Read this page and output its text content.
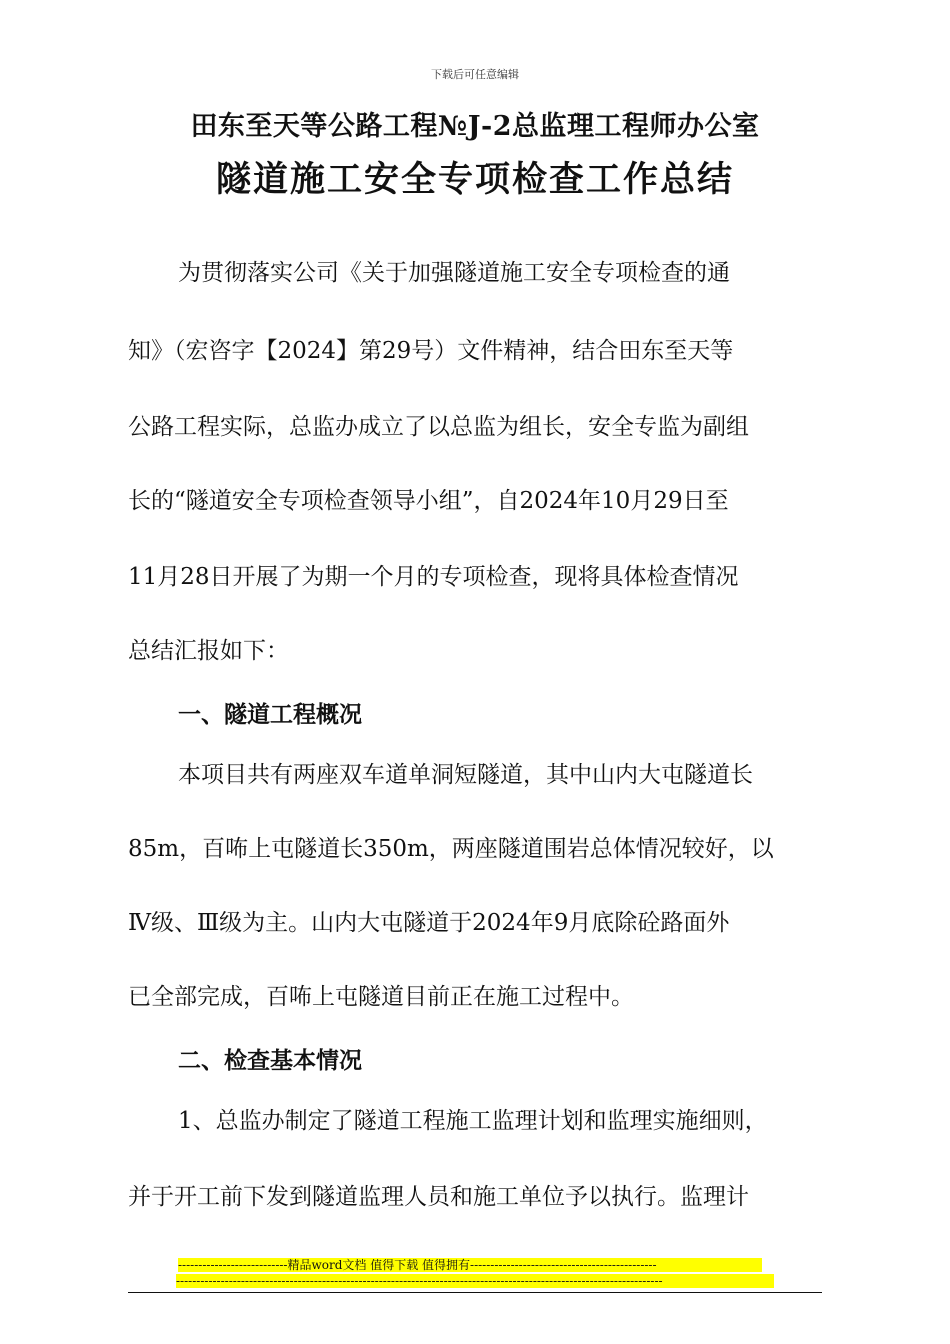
下载后可任意编辑
田东至天等公路工程№J-2总监理工程师办公室
隧道施工安全专项检查工作总结
为贯彻落实公司《关于加强隧道施工安全专项检查的通
知》（宏咨字【2024】第29号）文件精神，结合田东至天等
公路工程实际，总监办成立了以总监为组长，安全专监为副组
长的“隧道安全专项检查领导小组”，自2024年10月29日至
11月28日开展了为期一个月的专项检查，现将具体检查情况
总结汇报如下：
一、隧道工程概况
本项目共有两座双车道单洞短隧道，其中山内大屯隧道长
85m，百咘上屯隧道长350m，两座隧道围岩总体情况较好，以
Ⅳ级、Ⅲ级为主。山内大屯隧道于2024年9月底除砼路面外
已全部完成，百咘上屯隧道目前正在施工过程中。
二、检查基本情况
1、总监办制定了隧道工程施工监理计划和监理实施细则，
并于开工前下发到隧道监理人员和施工单位予以执行。监理计
---------------------------精品word文档 值得下载 值得拥有----------------------------------------------
------------------------------------------------------------------------------------------------------------------------
